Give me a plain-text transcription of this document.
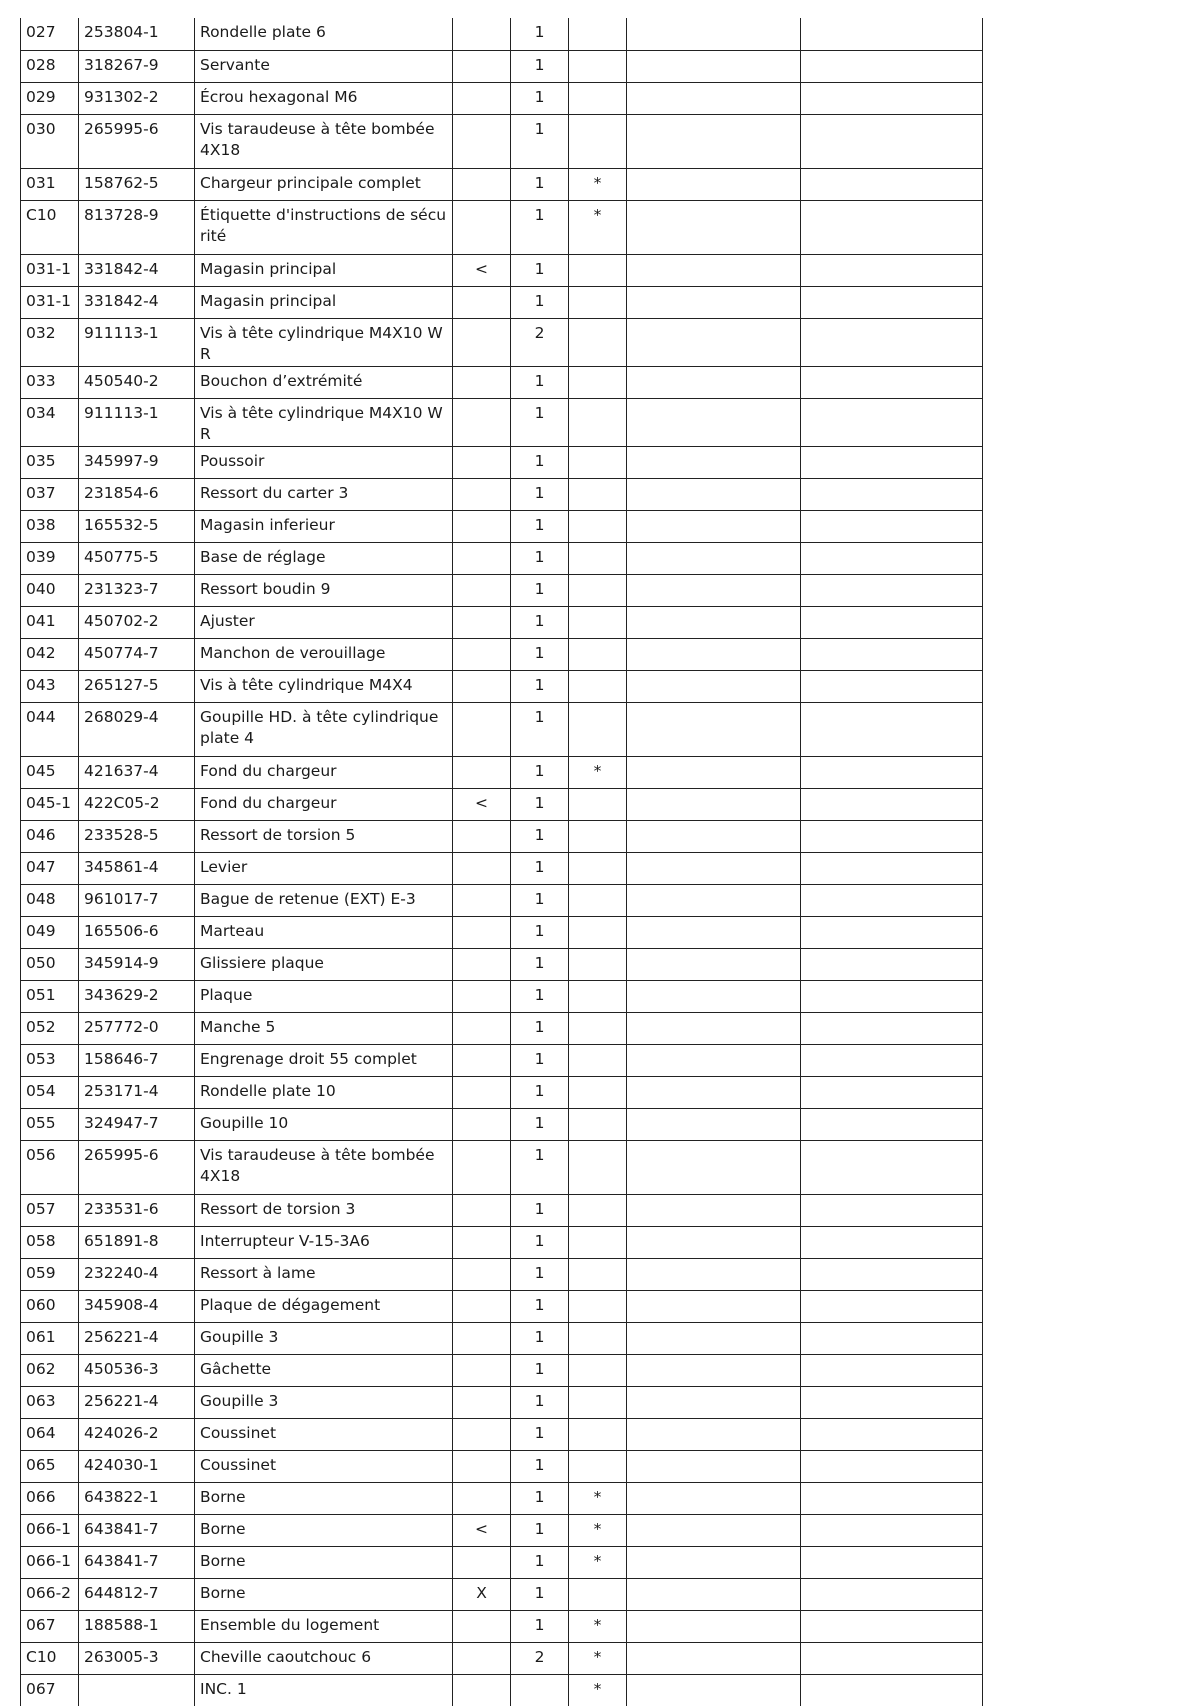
027	253804-1	Rondelle plate 6		1			
028	318267-9	Servante		1			
029	931302-2	Écrou hexagonal M6		1			
030	265995-6	Vis taraudeuse à tête bombée 4X18		1			
031	158762-5	Chargeur principale complet		1	*		
C10	813728-9	Étiquette d'instructions de sécurité		1	*		
031-1	331842-4	Magasin principal	<	1			
031-1	331842-4	Magasin principal		1			
032	911113-1	Vis à tête cylindrique M4X10 WR		2			
033	450540-2	Bouchon d’extrémité		1			
034	911113-1	Vis à tête cylindrique M4X10 WR		1			
035	345997-9	Poussoir		1			
037	231854-6	Ressort du carter 3		1			
038	165532-5	Magasin inferieur		1			
039	450775-5	Base de réglage		1			
040	231323-7	Ressort boudin 9		1			
041	450702-2	Ajuster		1			
042	450774-7	Manchon de verouillage		1			
043	265127-5	Vis à tête cylindrique M4X4		1			
044	268029-4	Goupille HD. à tête cylindrique plate 4		1			
045	421637-4	Fond du chargeur		1	*		
045-1	422C05-2	Fond du chargeur	<	1			
046	233528-5	Ressort de torsion 5		1			
047	345861-4	Levier		1			
048	961017-7	Bague de retenue (EXT) E-3		1			
049	165506-6	Marteau		1			
050	345914-9	Glissiere plaque		1			
051	343629-2	Plaque		1			
052	257772-0	Manche 5		1			
053	158646-7	Engrenage droit 55 complet		1			
054	253171-4	Rondelle plate 10		1			
055	324947-7	Goupille 10		1			
056	265995-6	Vis taraudeuse à tête bombée 4X18		1			
057	233531-6	Ressort de torsion 3		1			
058	651891-8	Interrupteur V-15-3A6		1			
059	232240-4	Ressort à lame		1			
060	345908-4	Plaque de dégagement		1			
061	256221-4	Goupille 3		1			
062	450536-3	Gâchette		1			
063	256221-4	Goupille 3		1			
064	424026-2	Coussinet		1			
065	424030-1	Coussinet		1			
066	643822-1	Borne		1	*		
066-1	643841-7	Borne	<	1	*		
066-1	643841-7	Borne		1	*		
066-2	644812-7	Borne	X	1			
067	188588-1	Ensemble du logement		1	*		
C10	263005-3	Cheville caoutchouc 6		2	*		
067		INC. 1			*		
